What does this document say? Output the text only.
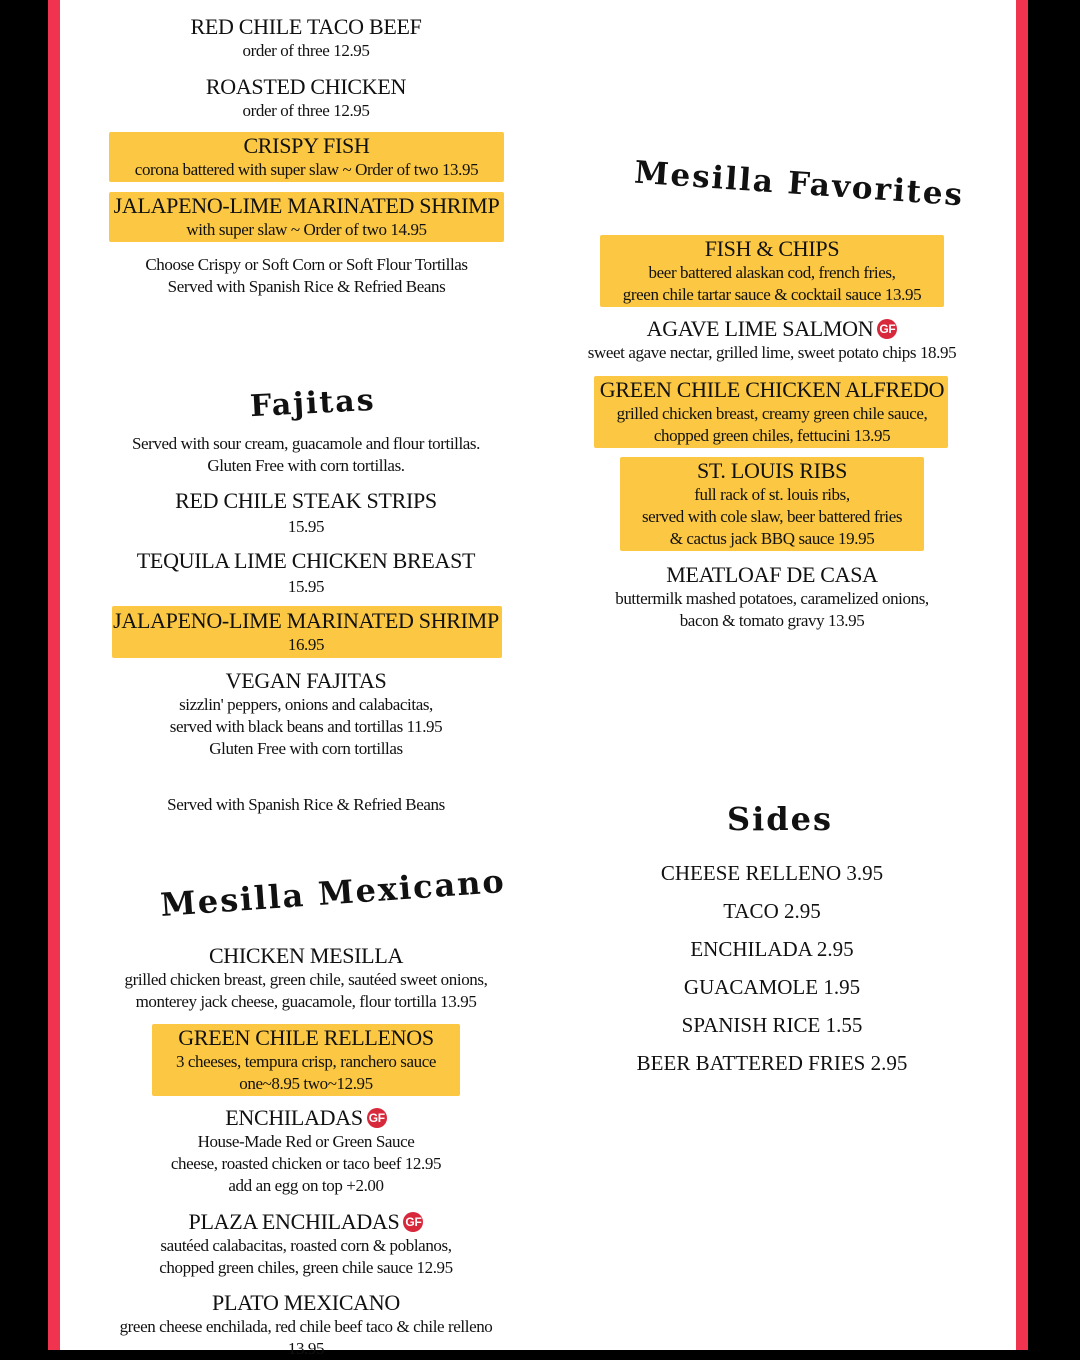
RED CHILE TACO BEEF
order of three 12.95
ROASTED CHICKEN
order of three 12.95
CRISPY FISH
corona battered with super slaw ~ Order of two 13.95
JALAPENO-LIME MARINATED SHRIMP
with super slaw ~ Order of two 14.95
Choose Crispy or Soft Corn or Soft Flour Tortillas
Served with Spanish Rice & Refried Beans
Fajitas
Served with sour cream, guacamole and flour tortillas.
Gluten Free with corn tortillas.
RED CHILE STEAK STRIPS
15.95
TEQUILA LIME CHICKEN BREAST
15.95
JALAPENO-LIME MARINATED SHRIMP
16.95
VEGAN FAJITAS
sizzlin' peppers, onions and calabacitas,
served with black beans and tortillas 11.95
Gluten Free with corn tortillas
Served with Spanish Rice & Refried Beans
Mesilla Mexicano
CHICKEN MESILLA
grilled chicken breast, green chile, sautéed sweet onions,
monterey jack cheese, guacamole, flour tortilla 13.95
GREEN CHILE RELLENOS
3 cheeses, tempura crisp, ranchero sauce
one~8.95 two~12.95
ENCHILADAS GF
House-Made Red or Green Sauce
cheese, roasted chicken or taco beef 12.95
add an egg on top +2.00
PLAZA ENCHILADAS GF
sautéed calabacitas, roasted corn & poblanos,
chopped green chiles, green chile sauce 12.95
PLATO MEXICANO
green cheese enchilada, red chile beef taco & chile relleno
13.95
Mesilla Favorites
FISH & CHIPS
beer battered alaskan cod, french fries,
green chile tartar sauce & cocktail sauce 13.95
AGAVE LIME SALMON GF
sweet agave nectar, grilled lime, sweet potato chips 18.95
GREEN CHILE CHICKEN ALFREDO
grilled chicken breast, creamy green chile sauce,
chopped green chiles, fettucini 13.95
ST. LOUIS RIBS
full rack of st. louis ribs,
served with cole slaw, beer battered fries
& cactus jack BBQ sauce 19.95
MEATLOAF DE CASA
buttermilk mashed potatoes, caramelized onions,
bacon & tomato gravy 13.95
Sides
CHEESE RELLENO 3.95
TACO 2.95
ENCHILADA 2.95
GUACAMOLE 1.95
SPANISH RICE 1.55
BEER BATTERED FRIES 2.95
